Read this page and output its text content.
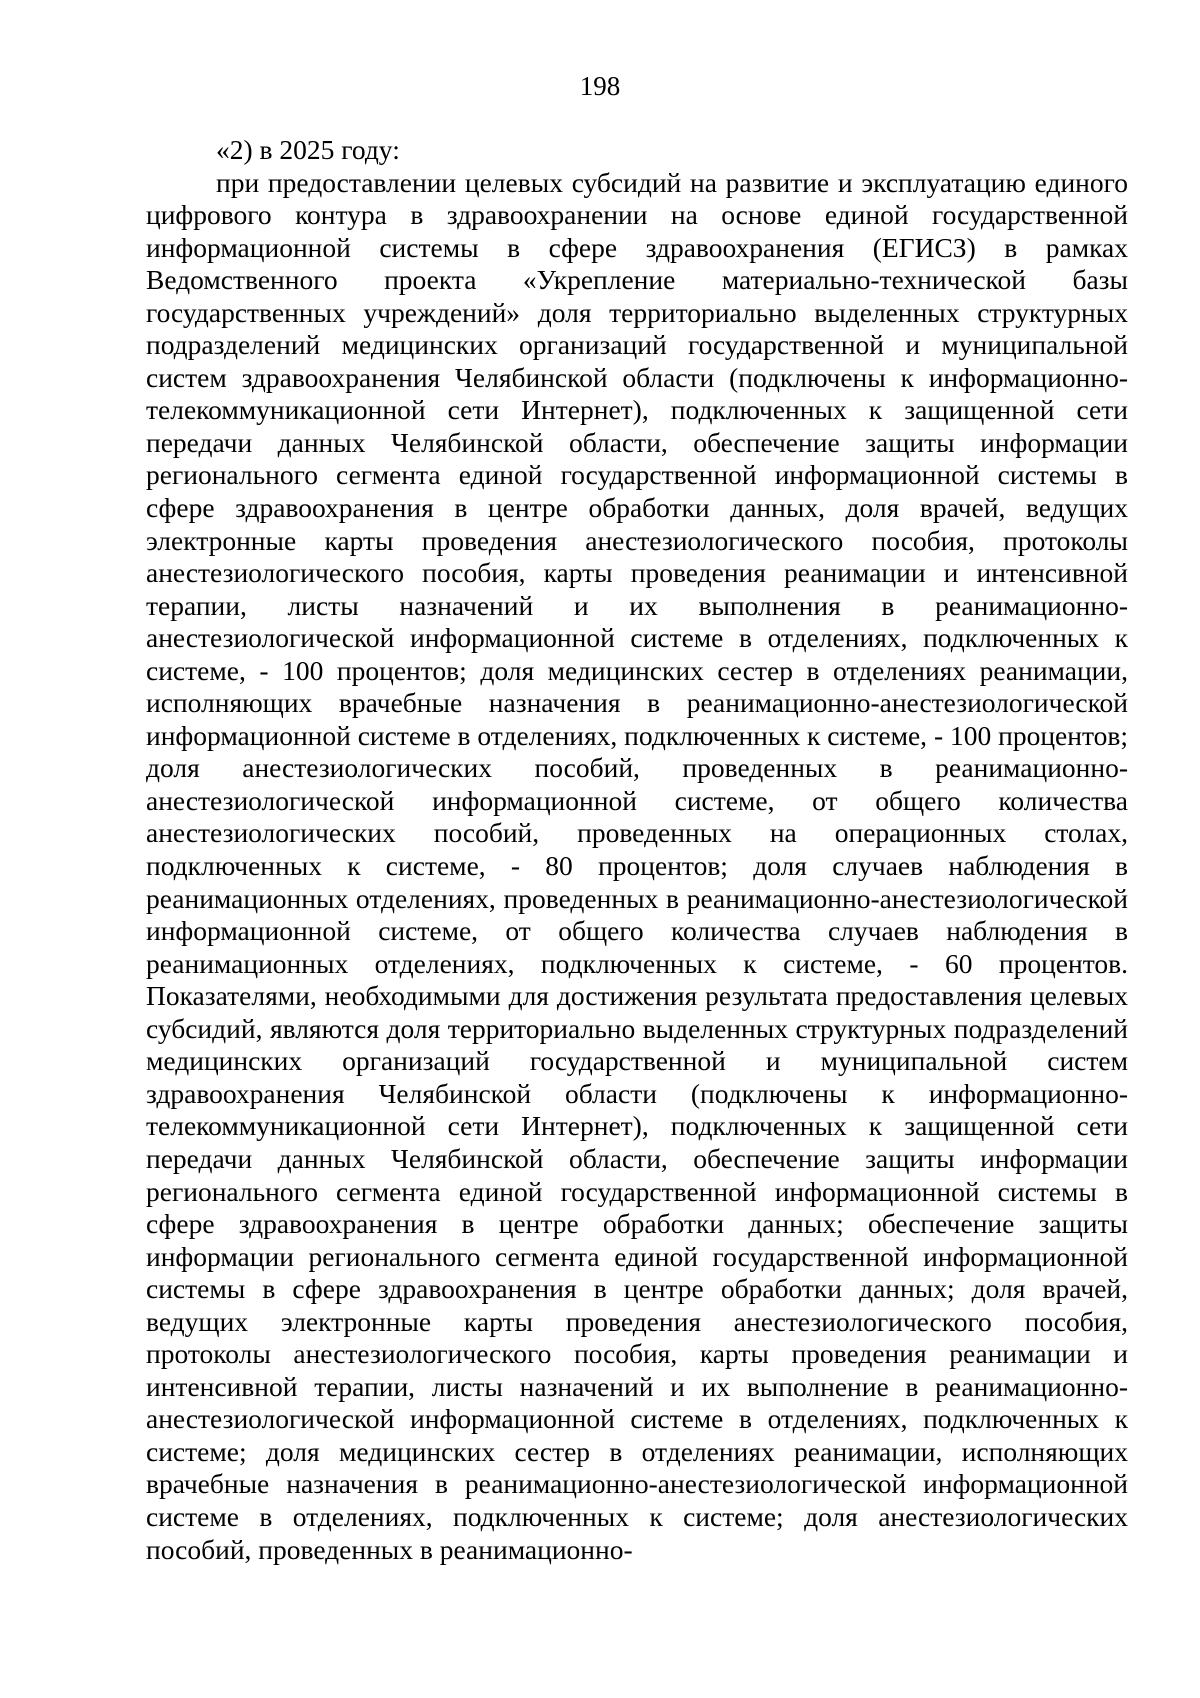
198

«2) в 2025 году:

при предоставлении целевых субсидий на развитие и эксплуатацию единого цифрового контура в здравоохранении на основе единой государственной информационной системы в сфере здравоохранения (ЕГИСЗ) в рамках Ведомственного проекта «Укрепление материально-технической базы государственных учреждений» доля территориально выделенных структурных подразделений медицинских организаций государственной и муниципальной систем здравоохранения Челябинской области (подключены к информационно-телекоммуникационной сети Интернет), подключенных к защищенной сети передачи данных Челябинской области, обеспечение защиты информации регионального сегмента единой государственной информационной системы в сфере здравоохранения в центре обработки данных, доля врачей, ведущих электронные карты проведения анестезиологического пособия, протоколы анестезиологического пособия, карты проведения реанимации и интенсивной терапии, листы назначений и их выполнения в реанимационно-анестезиологической информационной системе в отделениях, подключенных к системе, - 100 процентов; доля медицинских сестер в отделениях реанимации, исполняющих врачебные назначения в реанимационно-анестезиологической информационной системе в отделениях, подключенных к системе, - 100 процентов; доля анестезиологических пособий, проведенных в реанимационно-анестезиологической информационной системе, от общего количества анестезиологических пособий, проведенных на операционных столах, подключенных к системе, - 80 процентов; доля случаев наблюдения в реанимационных отделениях, проведенных в реанимационно-анестезиологической информационной системе, от общего количества случаев наблюдения в реанимационных отделениях, подключенных к системе, - 60 процентов. Показателями, необходимыми для достижения результата предоставления целевых субсидий, являются доля территориально выделенных структурных подразделений медицинских организаций государственной и муниципальной систем здравоохранения Челябинской области (подключены к информационно-телекоммуникационной сети Интернет), подключенных к защищенной сети передачи данных Челябинской области, обеспечение защиты информации регионального сегмента единой государственной информационной системы в сфере здравоохранения в центре обработки данных; обеспечение защиты информации регионального сегмента единой государственной информационной системы в сфере здравоохранения в центре обработки данных; доля врачей, ведущих электронные карты проведения анестезиологического пособия, протоколы анестезиологического пособия, карты проведения реанимации и интенсивной терапии, листы назначений и их выполнение в реанимационно-анестезиологической информационной системе в отделениях, подключенных к системе; доля медицинских сестер в отделениях реанимации, исполняющих врачебные назначения в реанимационно-анестезиологической информационной системе в отделениях, подключенных к системе; доля анестезиологических пособий, проведенных в реанимационно-
